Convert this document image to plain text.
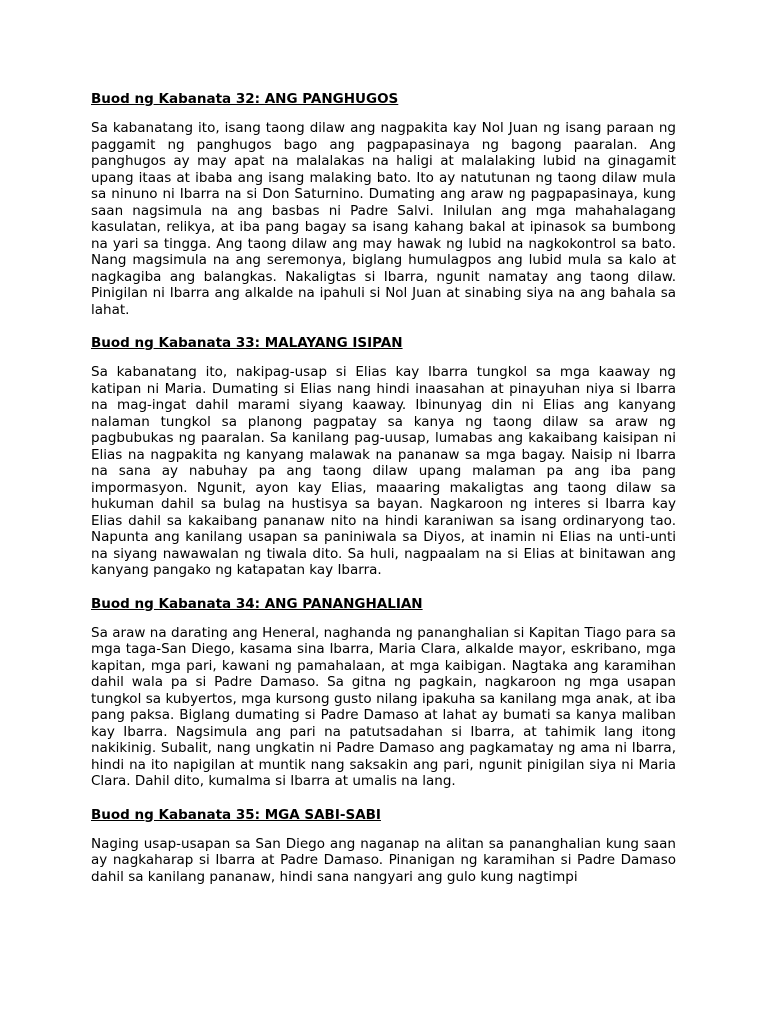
Buod ng Kabanata 32: ANG PANGHUGOS

Sa kabanatang ito, isang taong dilaw ang nagpakita kay Nol Juan ng isang paraan ng paggamit ng panghugos bago ang pagpapasinaya ng bagong paaralan. Ang panghugos ay may apat na malalakas na haligi at malalaking lubid na ginagamit upang itaas at ibaba ang isang malaking bato. Ito ay natutunan ng taong dilaw mula sa ninuno ni Ibarra na si Don Saturnino. Dumating ang araw ng pagpapasinaya, kung saan nagsimula na ang basbas ni Padre Salvi. Inilulan ang mga mahahalagang kasulatan, relikya, at iba pang bagay sa isang kahang bakal at ipinasok sa bumbong na yari sa tingga. Ang taong dilaw ang may hawak ng lubid na nagkokontrol sa bato. Nang magsimula na ang seremonya, biglang humulagpos ang lubid mula sa kalo at nagkagiba ang balangkas. Nakaligtas si Ibarra, ngunit namatay ang taong dilaw. Pinigilan ni Ibarra ang alkalde na ipahuli si Nol Juan at sinabing siya na ang bahala sa lahat.

Buod ng Kabanata 33: MALAYANG ISIPAN

Sa kabanatang ito, nakipag-usap si Elias kay Ibarra tungkol sa mga kaaway ng katipan ni Maria. Dumating si Elias nang hindi inaasahan at pinayuhan niya si Ibarra na mag-ingat dahil marami siyang kaaway. Ibinunyag din ni Elias ang kanyang nalaman tungkol sa planong pagpatay sa kanya ng taong dilaw sa araw ng pagbubukas ng paaralan. Sa kanilang pag-uusap, lumabas ang kakaibang kaisipan ni Elias na nagpakita ng kanyang malawak na pananaw sa mga bagay. Naisip ni Ibarra na sana ay nabuhay pa ang taong dilaw upang malaman pa ang iba pang impormasyon. Ngunit, ayon kay Elias, maaaring makaligtas ang taong dilaw sa hukuman dahil sa bulag na hustisya sa bayan. Nagkaroon ng interes si Ibarra kay Elias dahil sa kakaibang pananaw nito na hindi karaniwan sa isang ordinaryong tao. Napunta ang kanilang usapan sa paniniwala sa Diyos, at inamin ni Elias na unti-unti na siyang nawawalan ng tiwala dito. Sa huli, nagpaalam na si Elias at binitawan ang kanyang pangako ng katapatan kay Ibarra.

Buod ng Kabanata 34: ANG PANANGHALIAN

Sa araw na darating ang Heneral, naghanda ng pananghalian si Kapitan Tiago para sa mga taga-San Diego, kasama sina Ibarra, Maria Clara, alkalde mayor, eskribano, mga kapitan, mga pari, kawani ng pamahalaan, at mga kaibigan. Nagtaka ang karamihan dahil wala pa si Padre Damaso. Sa gitna ng pagkain, nagkaroon ng mga usapan tungkol sa kubyertos, mga kursong gusto nilang ipakuha sa kanilang mga anak, at iba pang paksa. Biglang dumating si Padre Damaso at lahat ay bumati sa kanya maliban kay Ibarra. Nagsimula ang pari na patutsadahan si Ibarra, at tahimik lang itong nakikinig. Subalit, nang ungkatin ni Padre Damaso ang pagkamatay ng ama ni Ibarra, hindi na ito napigilan at muntik nang saksakin ang pari, ngunit pinigilan siya ni Maria Clara. Dahil dito, kumalma si Ibarra at umalis na lang.

Buod ng Kabanata 35: MGA SABI-SABI

Naging usap-usapan sa San Diego ang naganap na alitan sa pananghalian kung saan ay nagkaharap si Ibarra at Padre Damaso. Pinanigan ng karamihan si Padre Damaso dahil sa kanilang pananaw, hindi sana nangyari ang gulo kung nagtimpi
